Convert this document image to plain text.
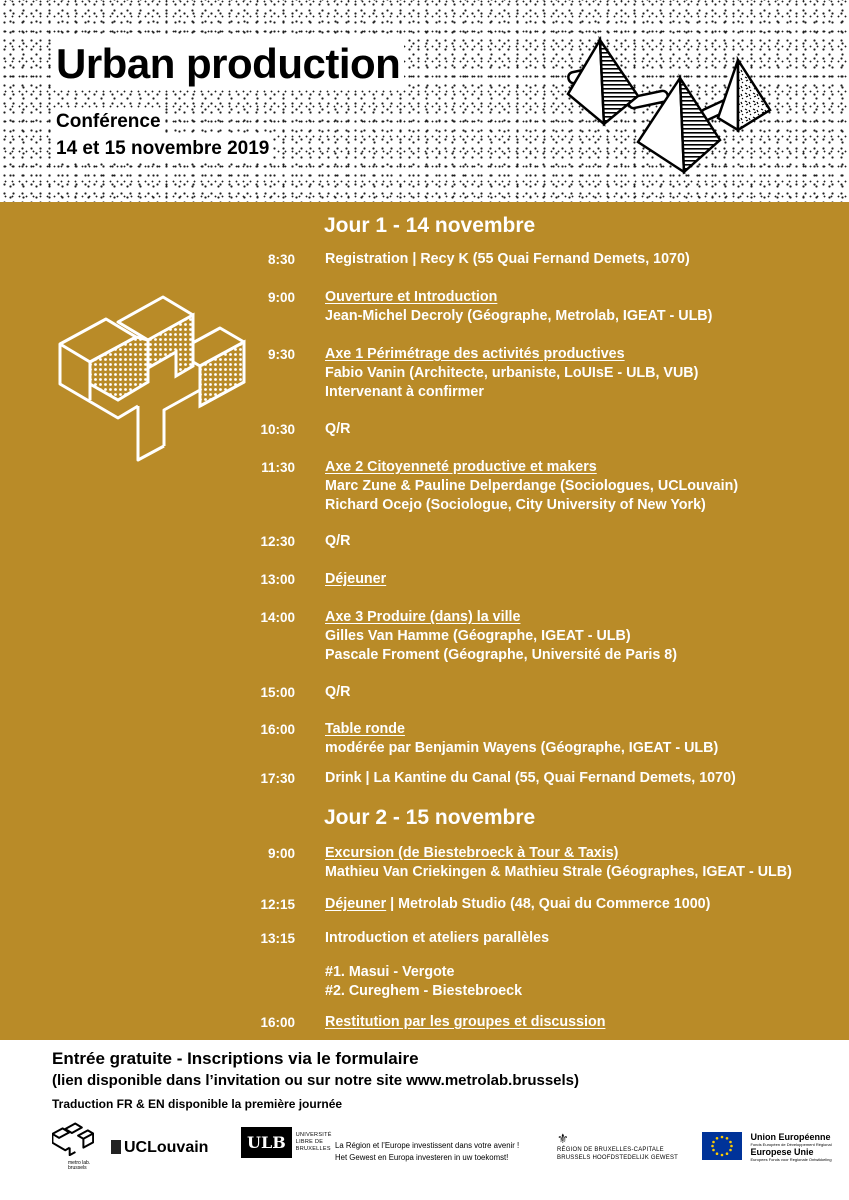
Urban production
Conférence
14 et 15 novembre 2019
Jour 1 - 14 novembre
8:30 Registration | Recy K (55 Quai Fernand Demets, 1070)
9:00 Ouverture et Introduction
Jean-Michel Decroly (Géographe, Metrolab, IGEAT - ULB)
9:30 Axe 1 Périmétrage des activités productives
Fabio Vanin (Architecte, urbaniste, LoUIsE - ULB, VUB)
Intervenant à confirmer
10:30 Q/R
11:30 Axe 2 Citoyenneté productive et makers
Marc Zune & Pauline Delperdange (Sociologues, UCLouvain)
Richard Ocejo (Sociologue, City University of New York)
12:30 Q/R
13:00 Déjeuner
14:00 Axe 3 Produire (dans) la ville
Gilles Van Hamme (Géographe, IGEAT - ULB)
Pascale Froment (Géographe, Université de Paris 8)
15:00 Q/R
16:00 Table ronde
modérée par Benjamin Wayens (Géographe, IGEAT - ULB)
17:30 Drink | La Kantine du Canal (55, Quai Fernand Demets, 1070)
Jour 2 - 15 novembre
9:00 Excursion (de Biestebroeck à Tour & Taxis)
Mathieu Van Criekingen & Mathieu Strale (Géographes, IGEAT - ULB)
12:15 Déjeuner | Metrolab Studio (48, Quai du Commerce 1000)
13:15 Introduction et ateliers parallèles
#1. Masui - Vergote
#2. Cureghem - Biestebroeck
16:00 Restitution par les groupes et discussion
Entrée gratuite - Inscriptions via le formulaire
(lien disponible dans l’invitation ou sur notre site www.metrolab.brussels)
Traduction FR & EN disponible la première journée
metro lab. brussels
UCLouvain	ULB UNIVERSITÉ LIBRE DE BRUXELLES La Région et l’Europe investissent dans votre avenir !
Het Gewest en Europa investeren in uw toekomst!
⚜
RÉGION DE BRUXELLES-CAPITALE
BRUSSELS HOOFDSTEDELIJK GEWEST

Union Européenne
Fonds Européen de Développement Régional
Europese Unie
Europees Fonds voor Regionale Ontwikkeling
